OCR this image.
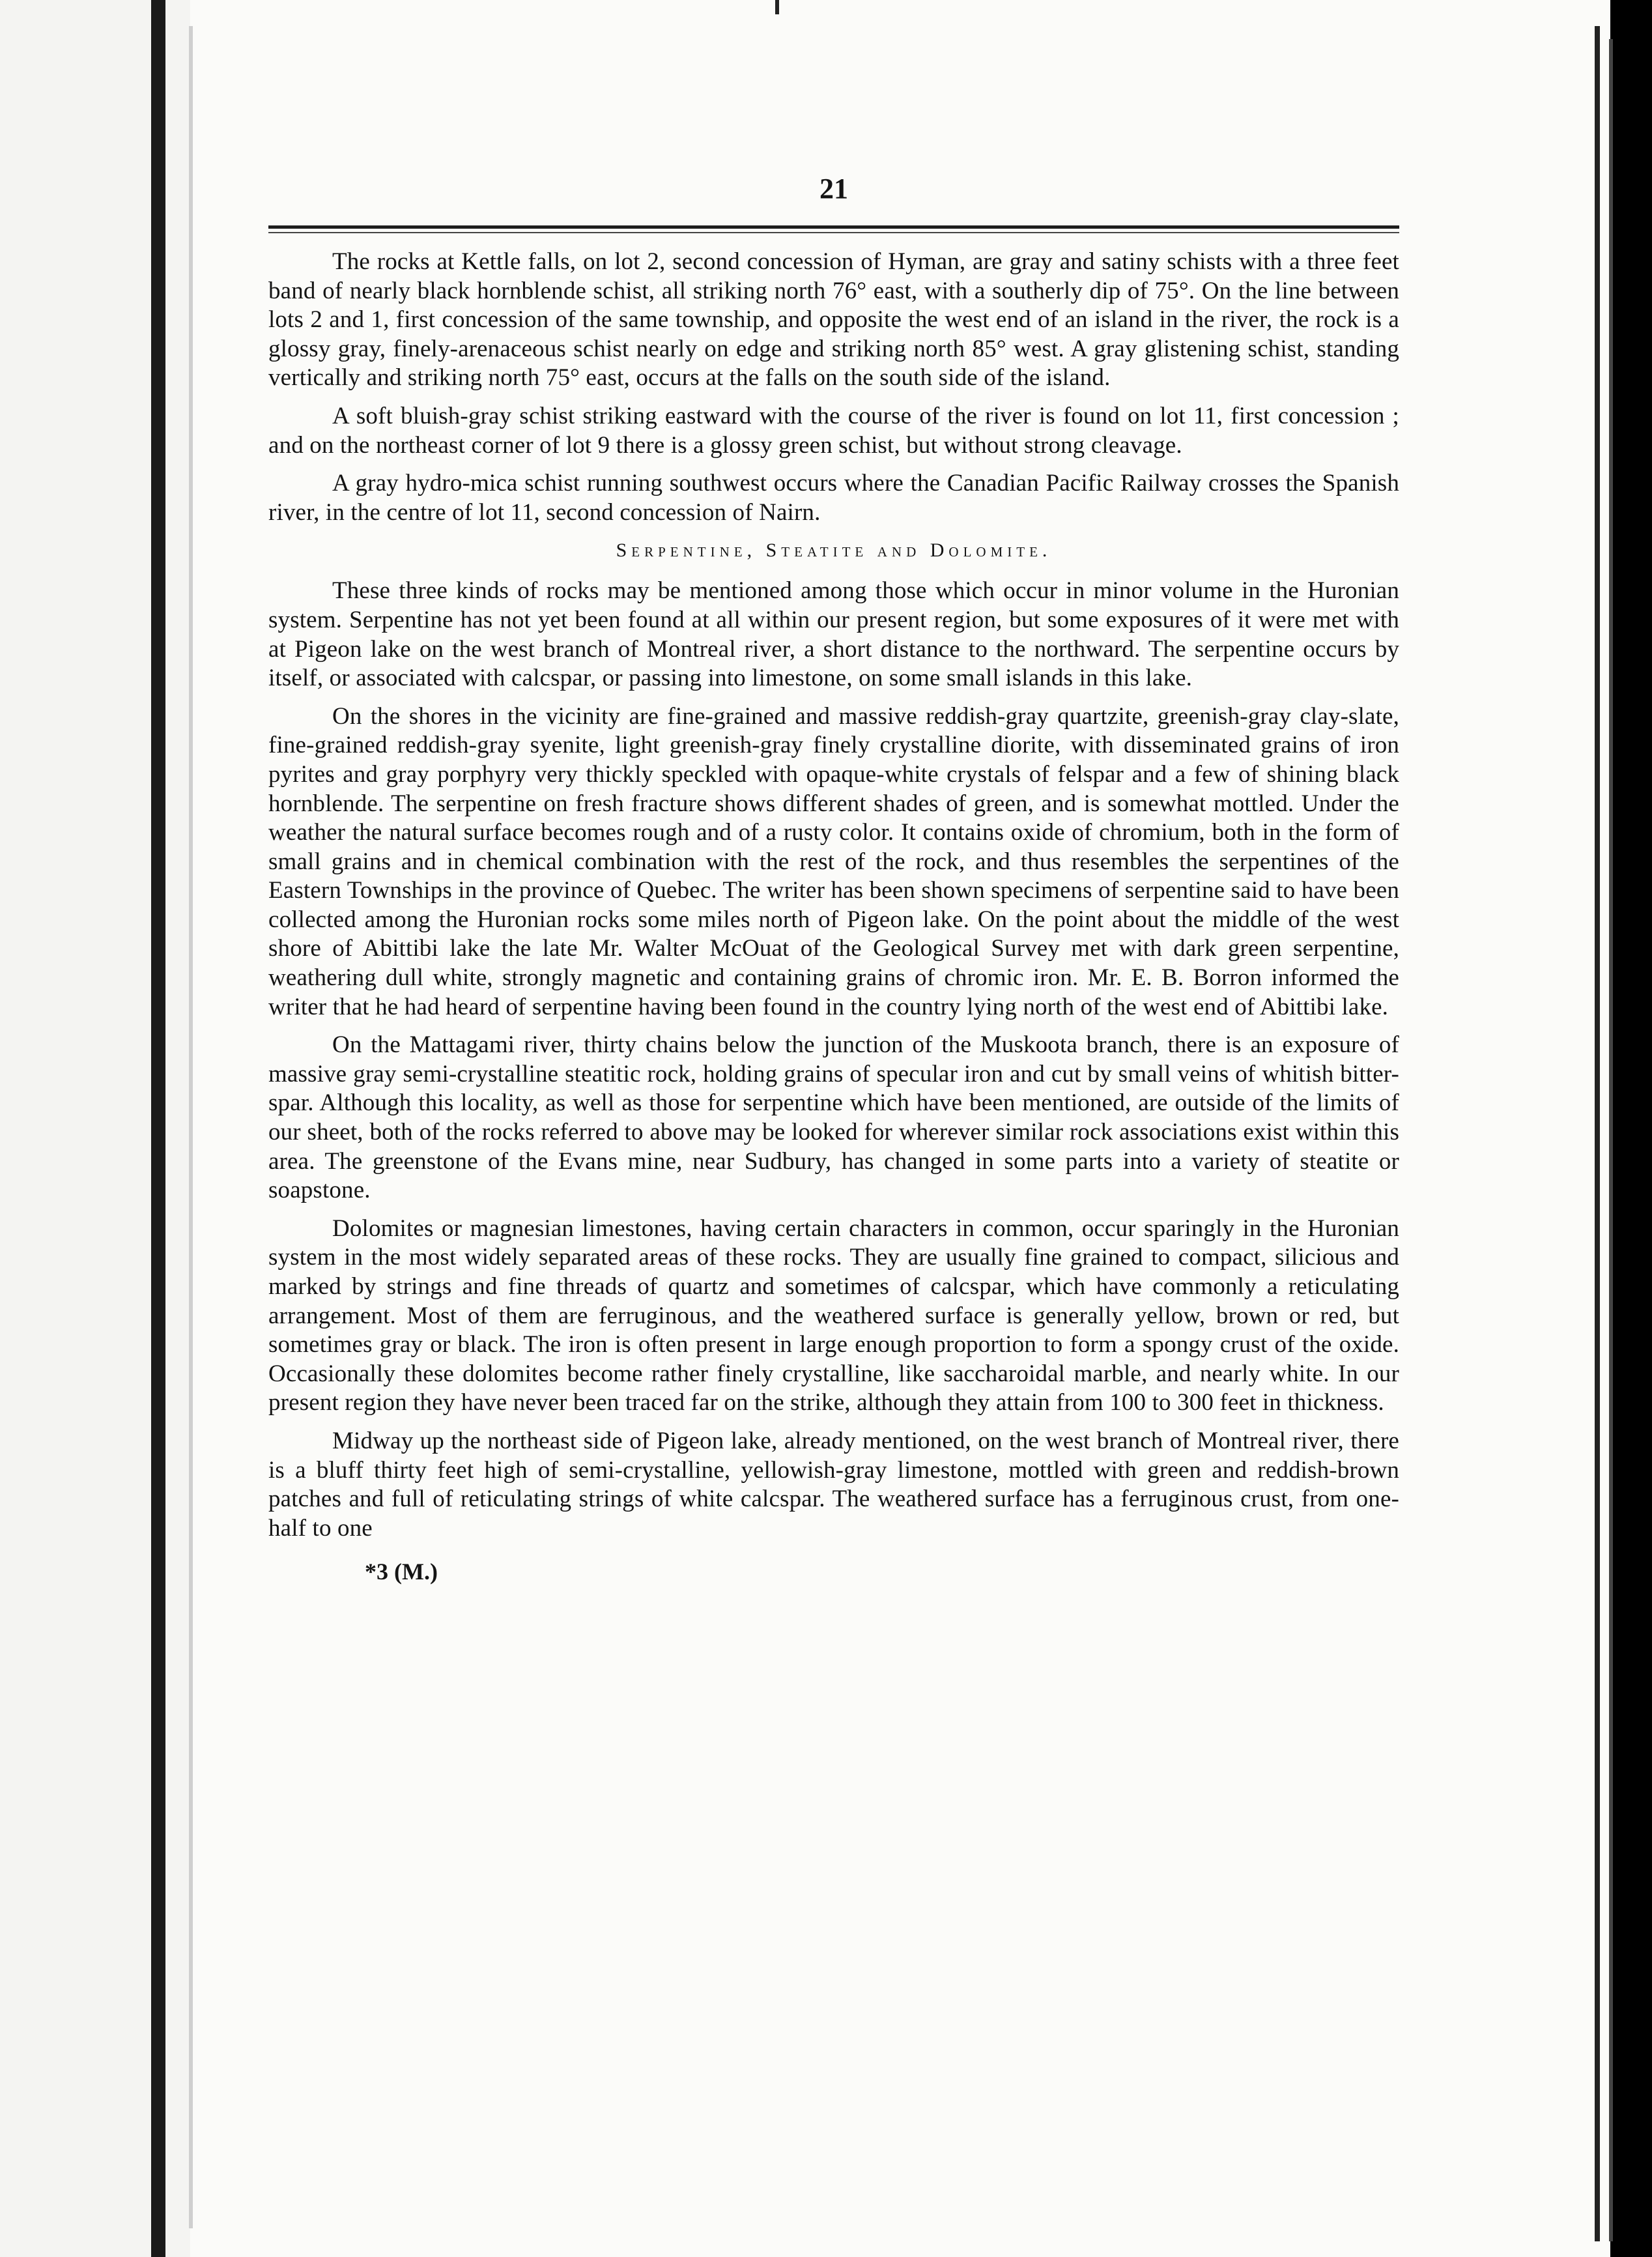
21

The rocks at Kettle falls, on lot 2, second concession of Hyman, are gray and satiny schists with a three feet band of nearly black hornblende schist, all striking north 76° east, with a southerly dip of 75°. On the line between lots 2 and 1, first concession of the same township, and opposite the west end of an island in the river, the rock is a glossy gray, finely-arenaceous schist nearly on edge and striking north 85° west. A gray glistening schist, standing vertically and striking north 75° east, occurs at the falls on the south side of the island.

A soft bluish-gray schist striking eastward with the course of the river is found on lot 11, first concession ; and on the northeast corner of lot 9 there is a glossy green schist, but without strong cleavage.

A gray hydro-mica schist running southwest occurs where the Canadian Pacific Railway crosses the Spanish river, in the centre of lot 11, second concession of Nairn.

Serpentine, Steatite and Dolomite.

These three kinds of rocks may be mentioned among those which occur in minor volume in the Huronian system. Serpentine has not yet been found at all within our present region, but some exposures of it were met with at Pigeon lake on the west branch of Montreal river, a short distance to the northward. The serpentine occurs by itself, or associated with calcspar, or passing into limestone, on some small islands in this lake.

On the shores in the vicinity are fine-grained and massive reddish-gray quartzite, greenish-gray clay-slate, fine-grained reddish-gray syenite, light greenish-gray finely crystalline diorite, with disseminated grains of iron pyrites and gray porphyry very thickly speckled with opaque-white crystals of felspar and a few of shining black hornblende. The serpentine on fresh fracture shows different shades of green, and is somewhat mottled. Under the weather the natural surface becomes rough and of a rusty color. It contains oxide of chromium, both in the form of small grains and in chemical combination with the rest of the rock, and thus resembles the serpentines of the Eastern Townships in the province of Quebec. The writer has been shown specimens of serpentine said to have been collected among the Huronian rocks some miles north of Pigeon lake. On the point about the middle of the west shore of Abittibi lake the late Mr. Walter McOuat of the Geological Survey met with dark green serpentine, weathering dull white, strongly magnetic and containing grains of chromic iron. Mr. E. B. Borron informed the writer that he had heard of serpentine having been found in the country lying north of the west end of Abittibi lake.

On the Mattagami river, thirty chains below the junction of the Muskoota branch, there is an exposure of massive gray semi-crystalline steatitic rock, holding grains of specular iron and cut by small veins of whitish bitter-spar. Although this locality, as well as those for serpentine which have been mentioned, are outside of the limits of our sheet, both of the rocks referred to above may be looked for wherever similar rock associations exist within this area. The greenstone of the Evans mine, near Sudbury, has changed in some parts into a variety of steatite or soapstone.

Dolomites or magnesian limestones, having certain characters in common, occur sparingly in the Huronian system in the most widely separated areas of these rocks. They are usually fine grained to compact, silicious and marked by strings and fine threads of quartz and sometimes of calcspar, which have commonly a reticulating arrangement. Most of them are ferruginous, and the weathered surface is generally yellow, brown or red, but sometimes gray or black. The iron is often present in large enough proportion to form a spongy crust of the oxide. Occasionally these dolomites become rather finely crystalline, like saccharoidal marble, and nearly white. In our present region they have never been traced far on the strike, although they attain from 100 to 300 feet in thickness.

Midway up the northeast side of Pigeon lake, already mentioned, on the west branch of Montreal river, there is a bluff thirty feet high of semi-crystalline, yellowish-gray limestone, mottled with green and reddish-brown patches and full of reticulating strings of white calcspar. The weathered surface has a ferruginous crust, from one-half to one

*3 (M.)
